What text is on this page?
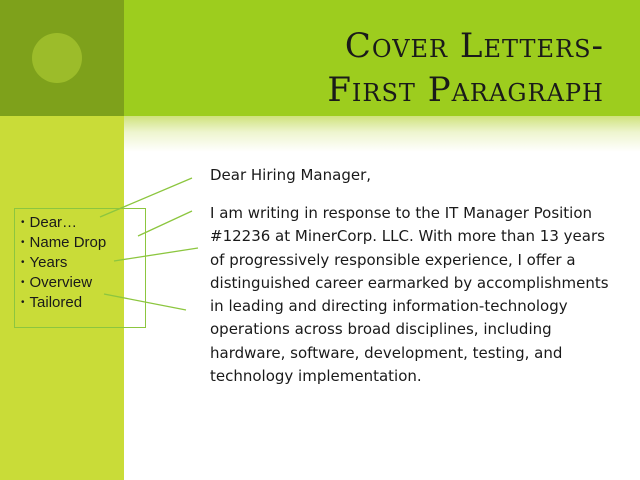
Cover Letters-
First Paragraph
• Dear…
• Name Drop
• Years
• Overview
• Tailored
Dear Hiring Manager,
I am writing in response to the IT Manager Position
#12236 at MinerCorp. LLC. With more than 13 years
of progressively responsible experience, I offer a
distinguished career earmarked by accomplishments
in leading and directing information-technology
operations across broad disciplines, including
hardware, software, development, testing, and
technology implementation.
